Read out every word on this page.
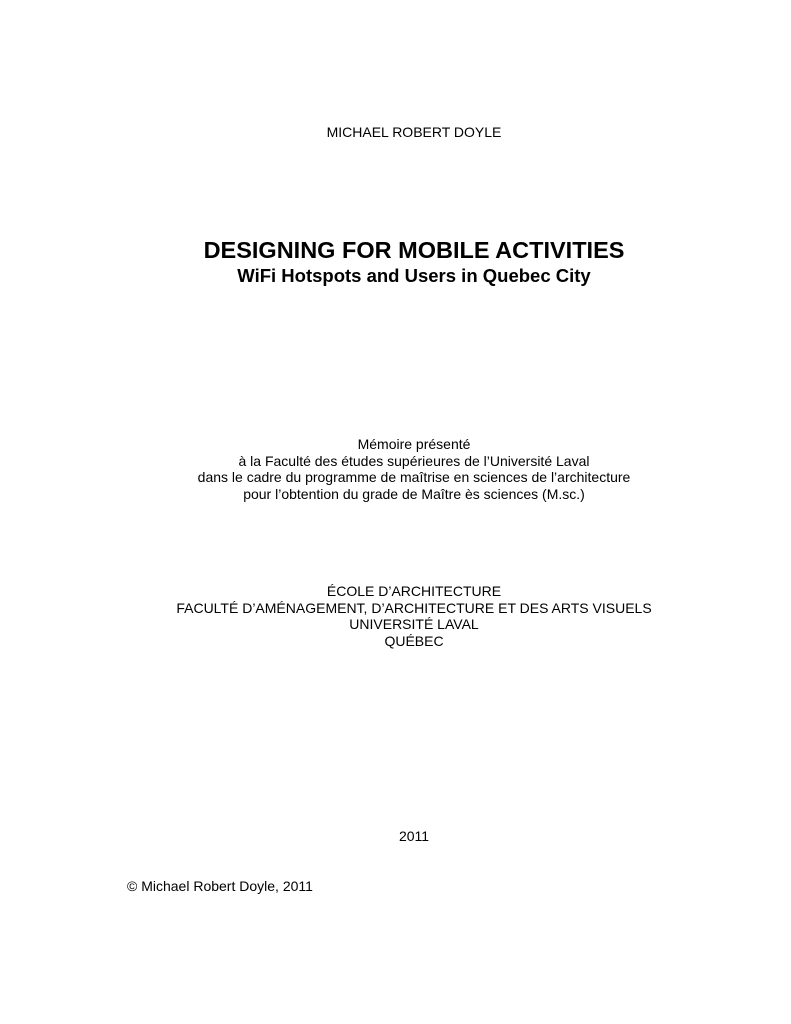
MICHAEL ROBERT DOYLE
DESIGNING FOR MOBILE ACTIVITIES
WiFi Hotspots and Users in Quebec City
Mémoire présenté
à la Faculté des études supérieures de l’Université Laval
dans le cadre du programme de maîtrise en sciences de l’architecture
pour l’obtention du grade de Maître ès sciences (M.sc.)
ÉCOLE D’ARCHITECTURE
FACULTÉ D’AMÉNAGEMENT, D’ARCHITECTURE ET DES ARTS VISUELS
UNIVERSITÉ LAVAL
QUÉBEC
2011
© Michael Robert Doyle, 2011
